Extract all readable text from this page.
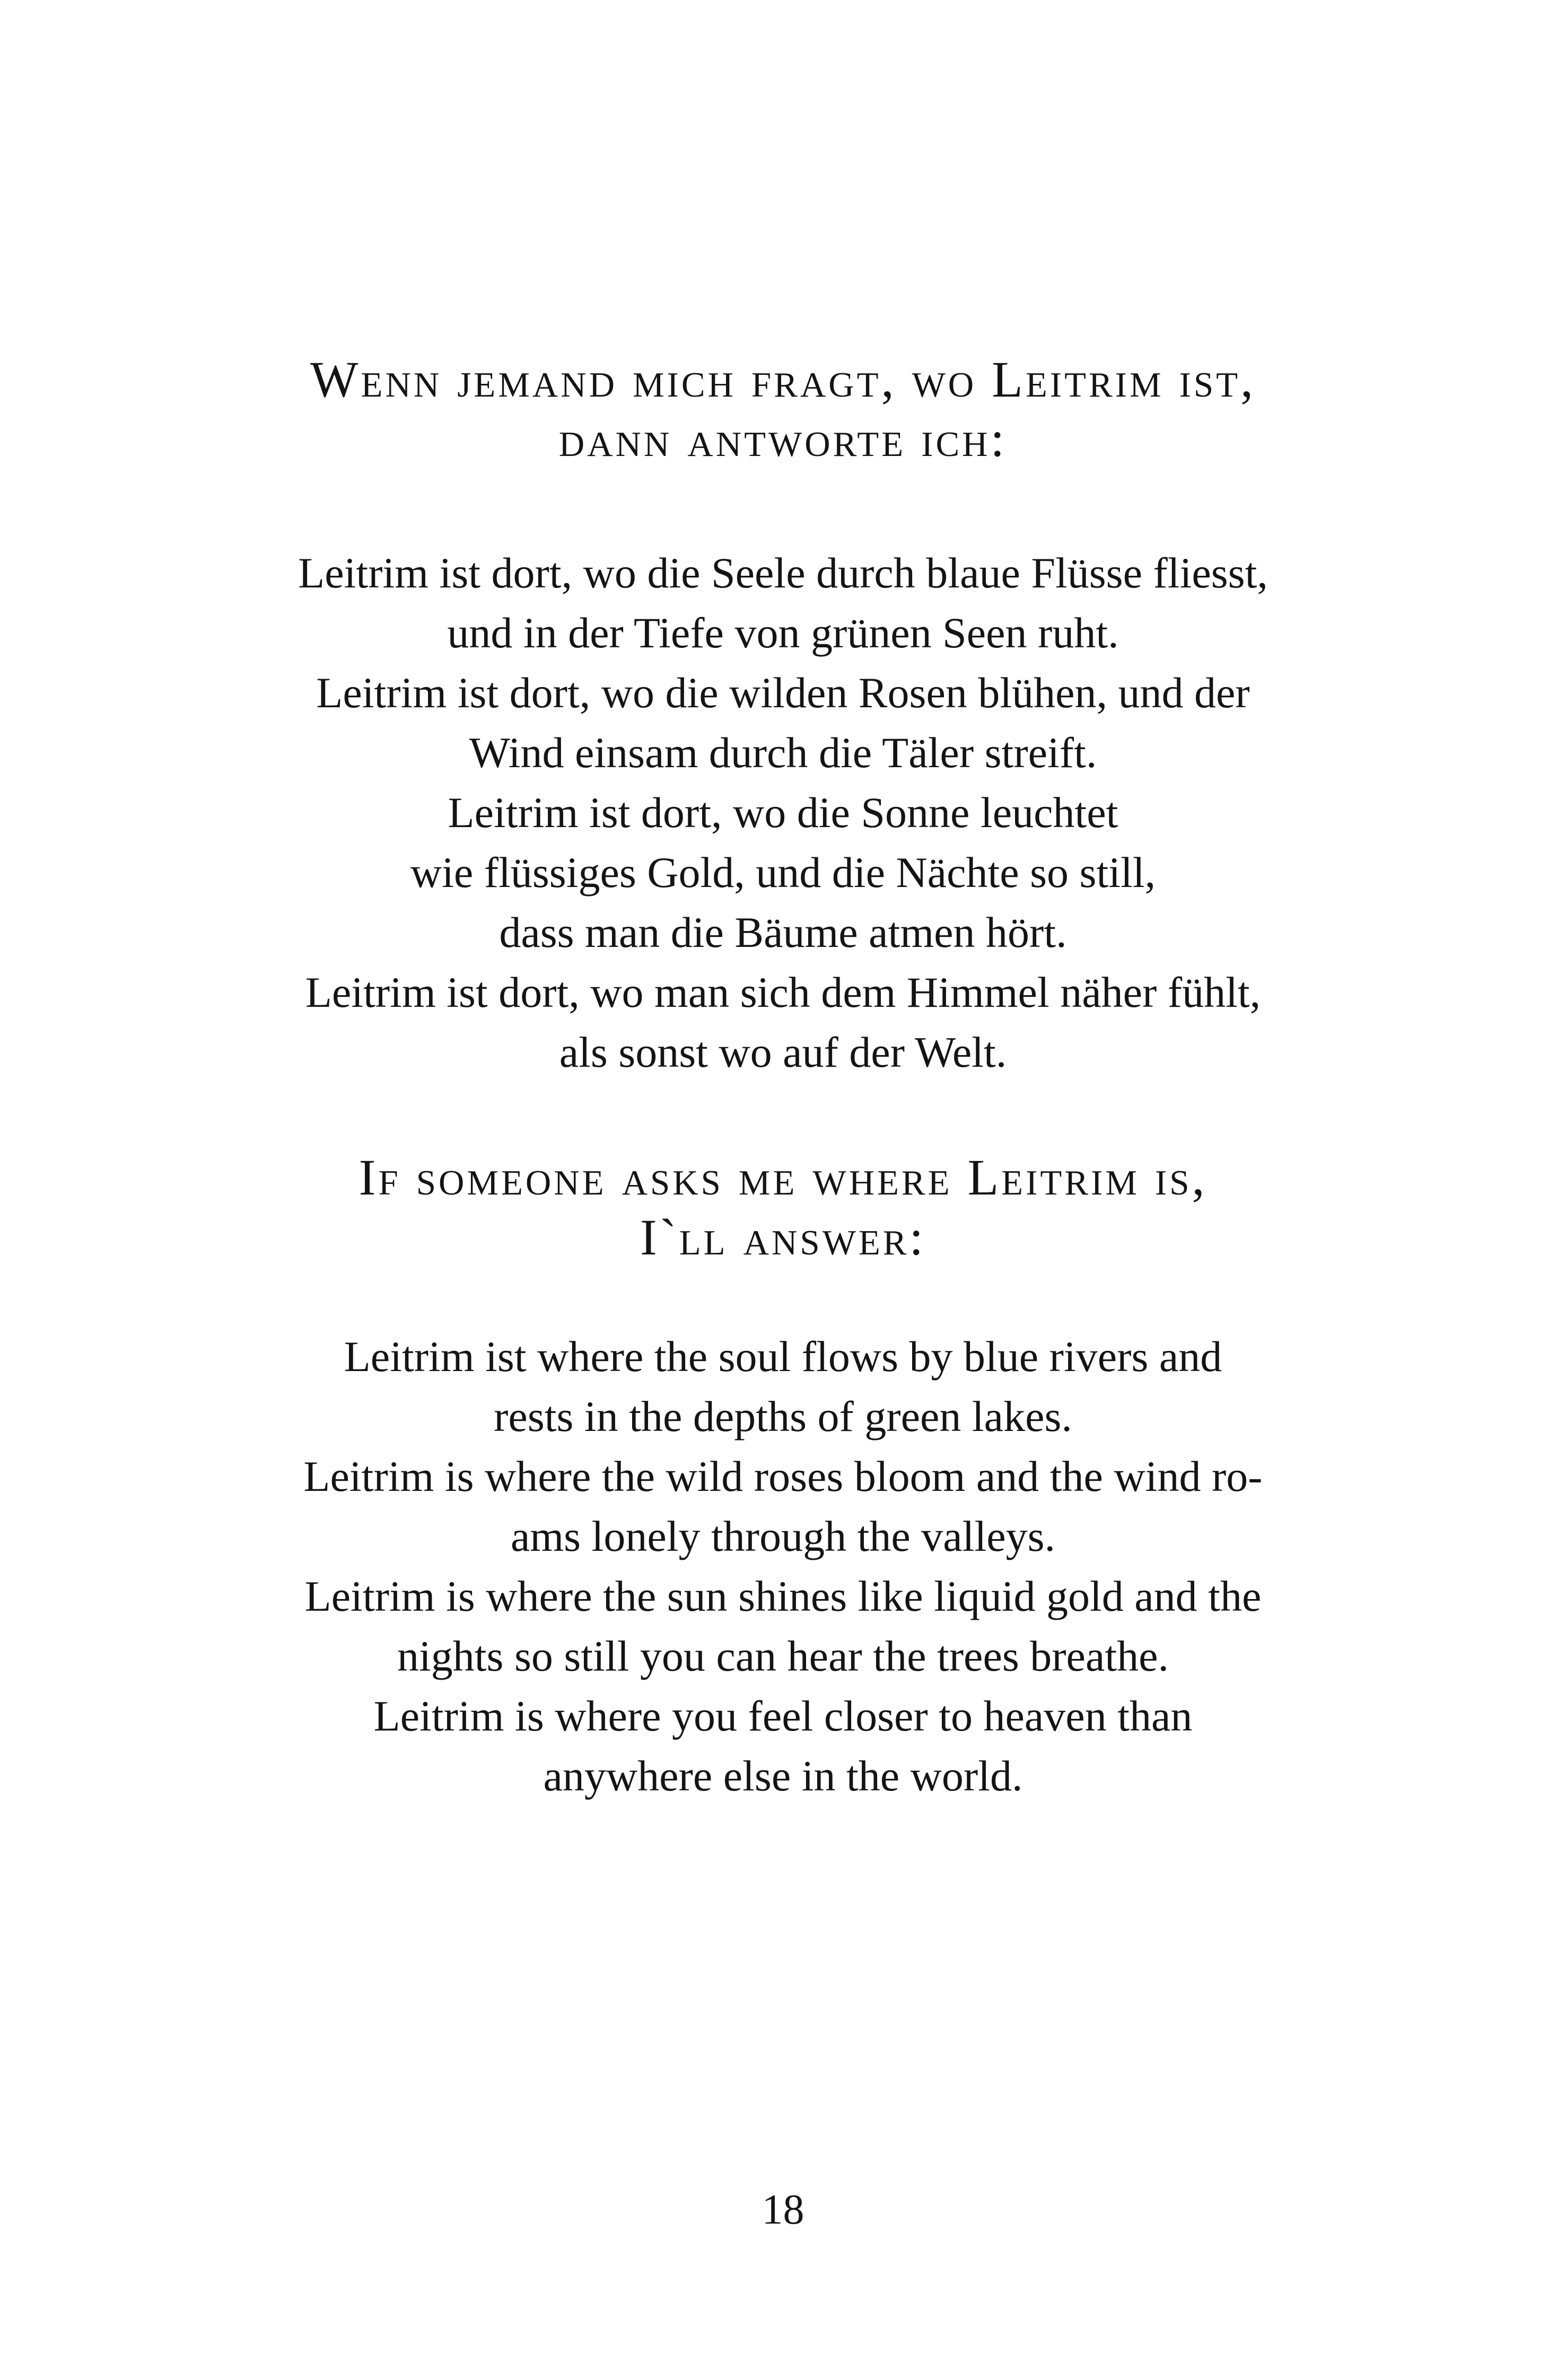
Wenn jemand mich fragt, wo Leitrim ist,
dann antworte ich:

Leitrim ist dort, wo die Seele durch blaue Flüsse fliesst,

und in der Tiefe von grünen Seen ruht.

Leitrim ist dort, wo die wilden Rosen blühen, und der

Wind einsam durch die Täler streift.

Leitrim ist dort, wo die Sonne leuchtet

wie flüssiges Gold, und die Nächte so still,

dass man die Bäume atmen hört.

Leitrim ist dort, wo man sich dem Himmel näher fühlt,

als sonst wo auf der Welt.

If someone asks me where Leitrim is,
I`ll answer:

Leitrim ist where the soul flows by blue rivers and

rests in the depths of green lakes.

Leitrim is where the wild roses bloom and the wind ro-

ams lonely through the valleys.

Leitrim is where the sun shines like liquid gold and the

nights so still you can hear the trees breathe.

Leitrim is where you feel closer to heaven than

anywhere else in the world.

18
